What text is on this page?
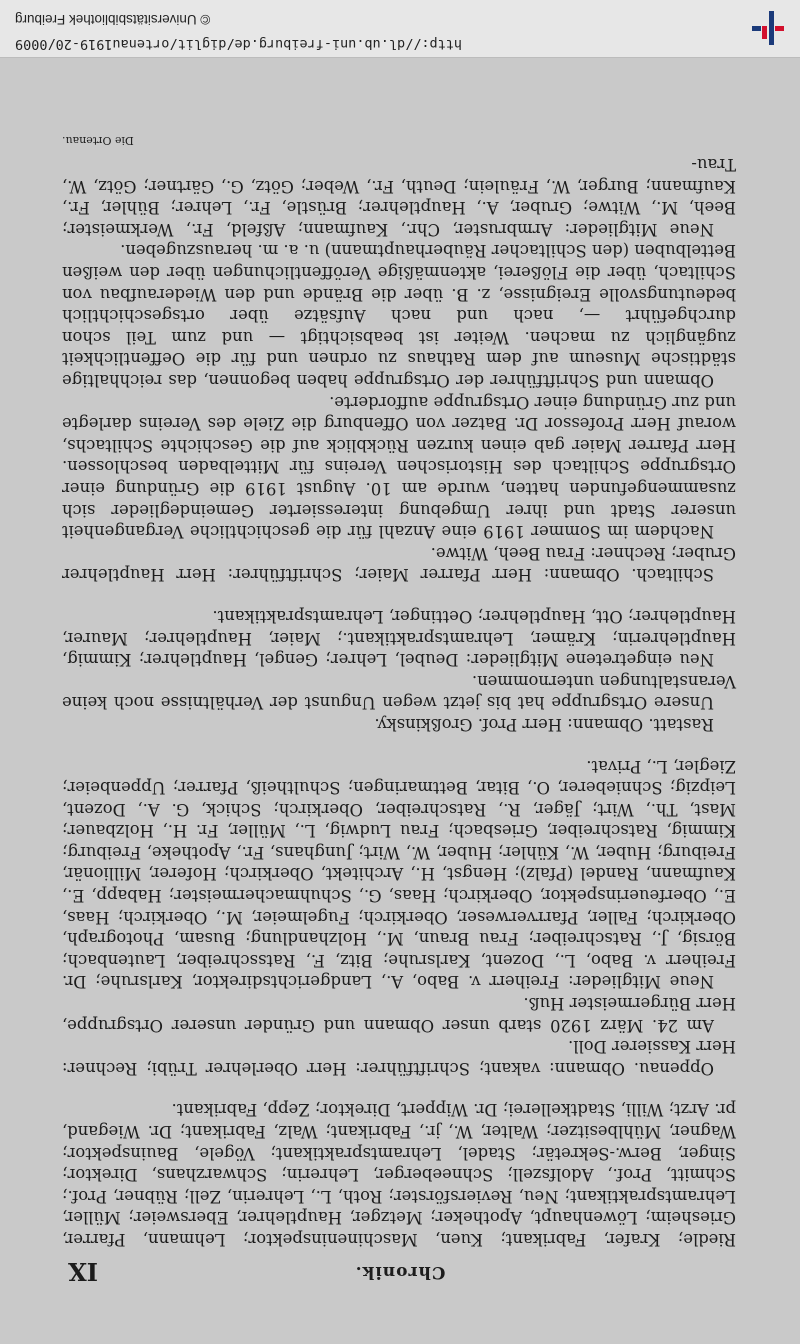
Chronik.
IX

Riedle; Krafer, Fabrikant; Kuen, Maschineninspektor; Lehmann, Pfarrer, Griesheim; Löwenhaupt, Apotheker; Metzger, Hauptlehrer, Ebersweier; Müller, Lehramtspraktikant; Neu, Reviersförster; Roth, L., Lehrerin, Zell; Rübner, Prof.; Schmitt, Prof., Adolfszell; Schneeberger, Lehrerin; Schwarzhans, Direktor; Singer, Berw.-Sekretär; Stadel, Lehramtspraktikant; Vögele, Bauinspektor; Wagner, Mühlbesitzer; Walter, W., jr., Fabrikant; Walz, Fabrikant; Dr. Wiegand, pr. Arzt; Willi, Stadtkellerei; Dr. Wippert, Direktor; Zepp, Fabrikant.

Oppenau. Obmann: vakant; Schriftführer: Herr Oberlehrer Trübi; Rechner: Herr Kassierer Doll.

Am 24. März 1920 starb unser Obmann und Gründer unserer Ortsgruppe, Herr Bürgermeister Huß.

Neue Mitglieder: Freiherr v. Babo, A., Landgerichtsdirektor, Karlsruhe; Dr. Freiherr v. Babo, L., Dozent, Karlsruhe; Bitz, F., Ratsschreiber, Lautenbach; Börsig, J., Ratschreiber; Frau Braun, M., Holzhandlung; Busam, Photograph, Oberkirch; Faller, Pfarrverweser, Oberkirch; Fugelmeier, M., Oberkirch; Haas, E., Oberfeuerinspektor, Oberkirch; Haas, G., Schuhmachermeister; Habapp, E., Kaufmann, Randel (Pfalz); Hengst, H., Architekt, Oberkirch; Hoferer, Millionär, Freiburg; Huber, W., Kühler; Huber, W., Wirt; Junghans, Fr., Apotheke, Freiburg; Kimmig, Ratschreiber, Griesbach; Frau Ludwig, L., Müller, Fr. H., Holzbauer; Mast, Th., Wirt; Jäger, R., Ratschreiber, Oberkirch; Schick, G. A., Dozent, Leipzig; Schnieberer, O., Bitar, Bettmaringen; Schultheiß, Pfarrer; Uppenbeier; Ziegler, L., Privat.

Rastatt. Obmann: Herr Prof. Großkinsky.

Unsere Ortsgruppe hat bis jetzt wegen Ungunst der Verhältnisse noch keine Veranstaltungen unternommen.

Neu eingetretene Mitglieder: Deubel, Lehrer; Gengel, Hauptlehrer; Kimmig, Hauptlehrerin; Krämer, Lehramtspraktikant.; Maier, Hauptlehrer; Maurer, Hauptlehrer; Ott, Hauptlehrer; Oettinger, Lehramtspraktikant.

Schiltach. Obmann: Herr Pfarrer Maier; Schriftführer: Herr Hauptlehrer Gruber; Rechner: Frau Beeh, Witwe.

Nachdem im Sommer 1919 eine Anzahl für die geschichtliche Vergangenheit unserer Stadt und ihrer Umgebung interessierter Gemeindeglieder sich zusammengefunden hatten, wurde am 10. August 1919 die Gründung einer Ortsgruppe Schiltach des Historischen Vereins für Mittelbaden beschlossen. Herr Pfarrer Maier gab einen kurzen Rückblick auf die Geschichte Schiltachs, worauf Herr Professor Dr. Batzer von Offenburg die Ziele des Vereins darlegte und zur Gründung einer Ortsgruppe aufforderte.

Obmann und Schriftführer der Ortsgruppe haben begonnen, das reichhaltige städtische Museum auf dem Rathaus zu ordnen und für die Oeffentlichkeit zugänglich zu machen. Weiter ist beabsichtigt — und zum Teil schon durchgeführt —, nach und nach Aufsätze über ortsgeschichtlich bedeutungsvolle Ereignisse, z. B. über die Brände und den Wiederaufbau von Schiltach, über die Flößerei, aktenmäßige Veröffentlichungen über den weißen Bettelbuben (den Schiltacher Räuberhauptmann) u. a. m. herauszugeben.

Neue Mitglieder: Armbruster, Chr., Kaufmann; Aßfeld, Fr., Werkmeister; Beeh, M., Witwe; Gruber, A., Hauptlehrer; Brüstle, Fr., Lehrer; Bühler, Fr., Kaufmann; Burger, W., Fräulein; Deuth, Fr., Weber; Götz, G., Gärtner; Götz, W., Trau-

Die Ortenau.
http://dl.ub.uni-freiburg.de/diglit/ortenau1919-20/0009
© Universitätsbibliothek Freiburg
